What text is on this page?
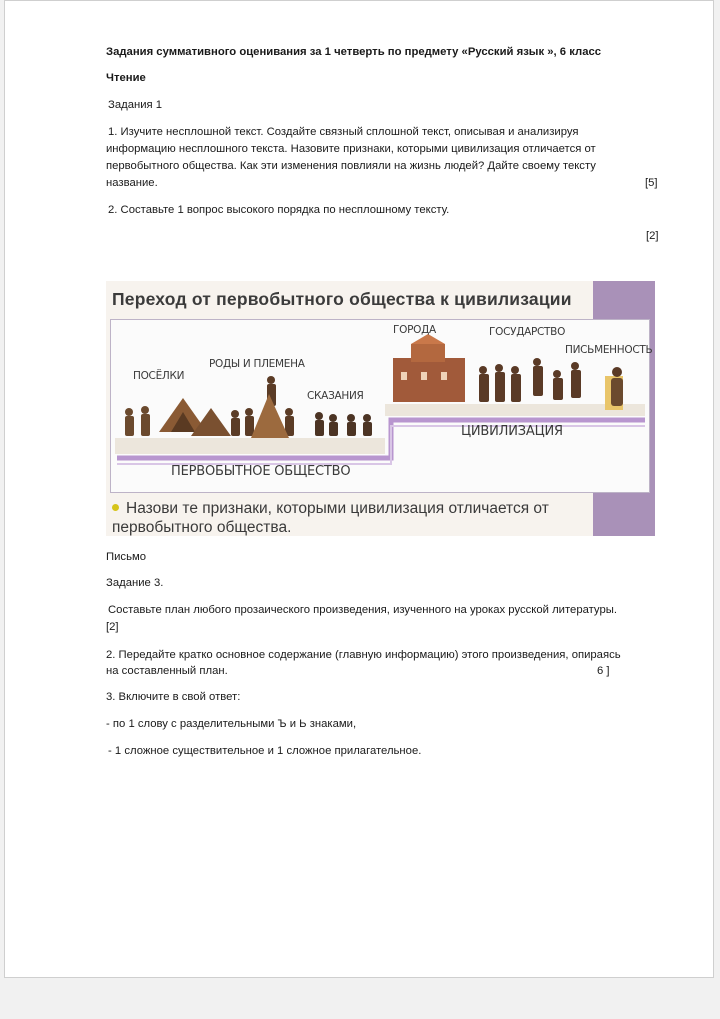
Задания суммативного оценивания за 1 четверть по предмету «Русский язык », 6 класс
Чтение
Задания 1
1. Изучите несплошной текст. Создайте связный сплошной текст, описывая и анализируя
информацию несплошного текста. Назовите признаки, которыми цивилизация отличается от
первобытного общества. Как эти изменения повлияли на жизнь людей? Дайте своему тексту
название.	[5]
2. Составьте 1 вопрос высокого порядка по несплошному тексту.
[2]
Переход от первобытного общества к цивилизации
ПОСЁЛКИ
РОДЫ И ПЛЕМЕНА
СКАЗАНИЯ
ГОРОДА	ГОСУДАРСТВО
ПИСЬМЕННОСТЬ
ЦИВИЛИЗАЦИЯ
ПЕРВОБЫТНОЕ ОБЩЕСТВО
Назови те признаки, которыми цивилизация отличается от
первобытного общества.
Письмо
Задание 3.
Составьте план любого прозаического произведения, изученного на уроках русской литературы.
[2]
2. Передайте кратко основное содержание (главную информацию) этого произведения, опираясь
на составленный план.	6 ]
3. Включите в свой ответ:
- по 1 слову с разделительными Ъ и Ь знаками,
- 1 сложное существительное и 1 сложное прилагательное.
